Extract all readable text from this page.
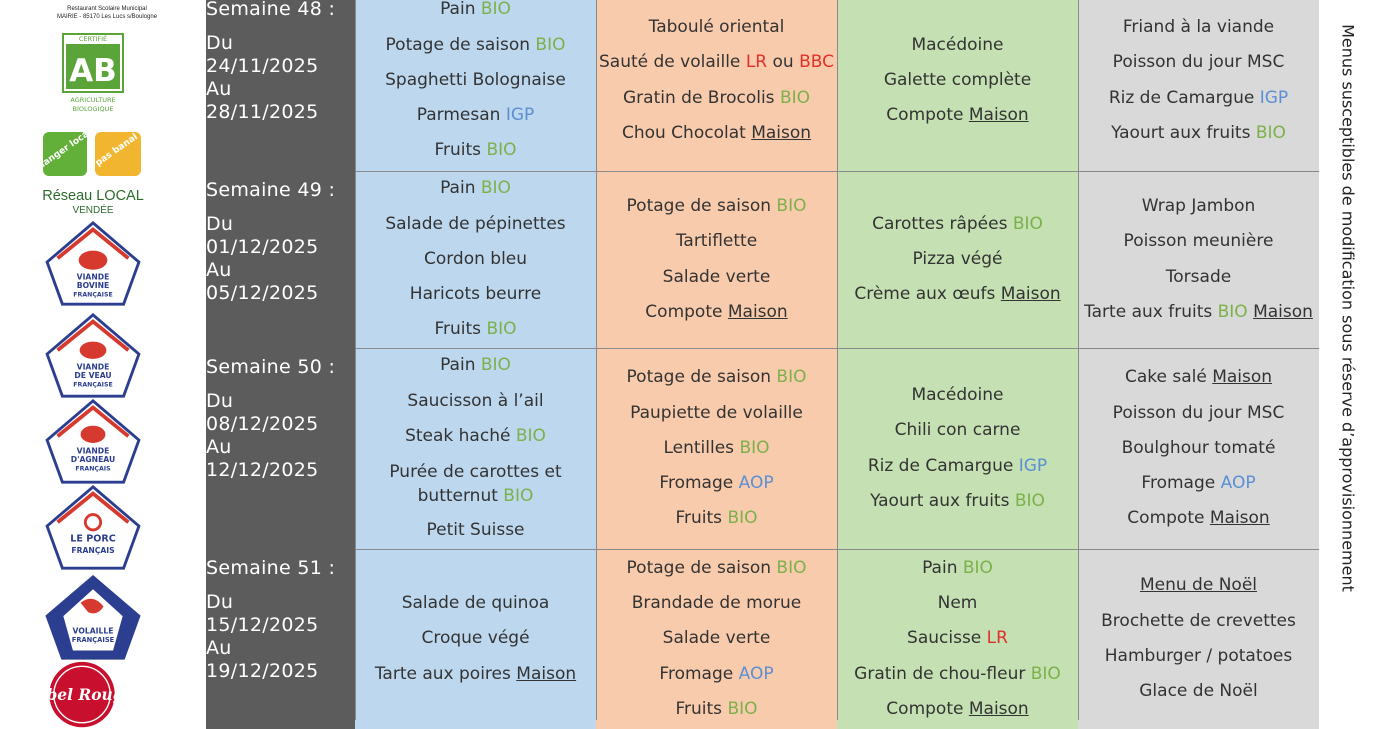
Restaurant Scolaire Municipal
MAIRIE - 85170 Les Lucs s/Boulogne
CERTIFIÉ
AB
AGRICULTURE
BIOLOGIQUE
Manger local pas banal
Réseau LOCAL
VENDÉE
VIANDE
BOVINE
FRANÇAISE
VIANDE
DE VEAU
FRANÇAISE
VIANDE
D'AGNEAU
FRANÇAIS
LE PORC
FRANÇAIS
VOLAILLE
FRANÇAISE
label Rouge
Semaine 48 :
Du
24/11/2025
Au
28/11/2025
Pain BIO
Potage de saison BIO
Spaghetti Bolognaise
Parmesan IGP
Fruits BIO
Taboulé oriental
Sauté de volaille LR ou BBC
Gratin de Brocolis BIO
Chou Chocolat Maison
Macédoine
Galette complète
Compote Maison
Friand à la viande
Poisson du jour MSC
Riz de Camargue IGP
Yaourt aux fruits BIO
Semaine 49 :
Du
01/12/2025
Au
05/12/2025
Pain BIO
Salade de pépinettes
Cordon bleu
Haricots beurre
Fruits BIO
Potage de saison BIO
Tartiflette
Salade verte
Compote Maison
Carottes râpées BIO
Pizza végé
Crème aux œufs Maison
Wrap Jambon
Poisson meunière
Torsade
Tarte aux fruits BIO Maison
Semaine 50 :
Du
08/12/2025
Au
12/12/2025
Pain BIO
Saucisson à l’ail
Steak haché BIO
Purée de carottes et butternut BIO
Petit Suisse
Potage de saison BIO
Paupiette de volaille
Lentilles BIO
Fromage AOP
Fruits BIO
Macédoine
Chili con carne
Riz de Camargue IGP
Yaourt aux fruits BIO
Cake salé Maison
Poisson du jour MSC
Boulghour tomaté
Fromage AOP
Compote Maison
Semaine 51 :
Du
15/12/2025
Au
19/12/2025
Salade de quinoa
Croque végé
Tarte aux poires Maison
Potage de saison BIO
Brandade de morue
Salade verte
Fromage AOP
Fruits BIO
Pain BIO
Nem
Saucisse LR
Gratin de chou-fleur BIO
Compote Maison
Menu de Noël
Brochette de crevettes
Hamburger / potatoes
Glace de Noël
Menus susceptibles de modification sous réserve d’approvisionnement
